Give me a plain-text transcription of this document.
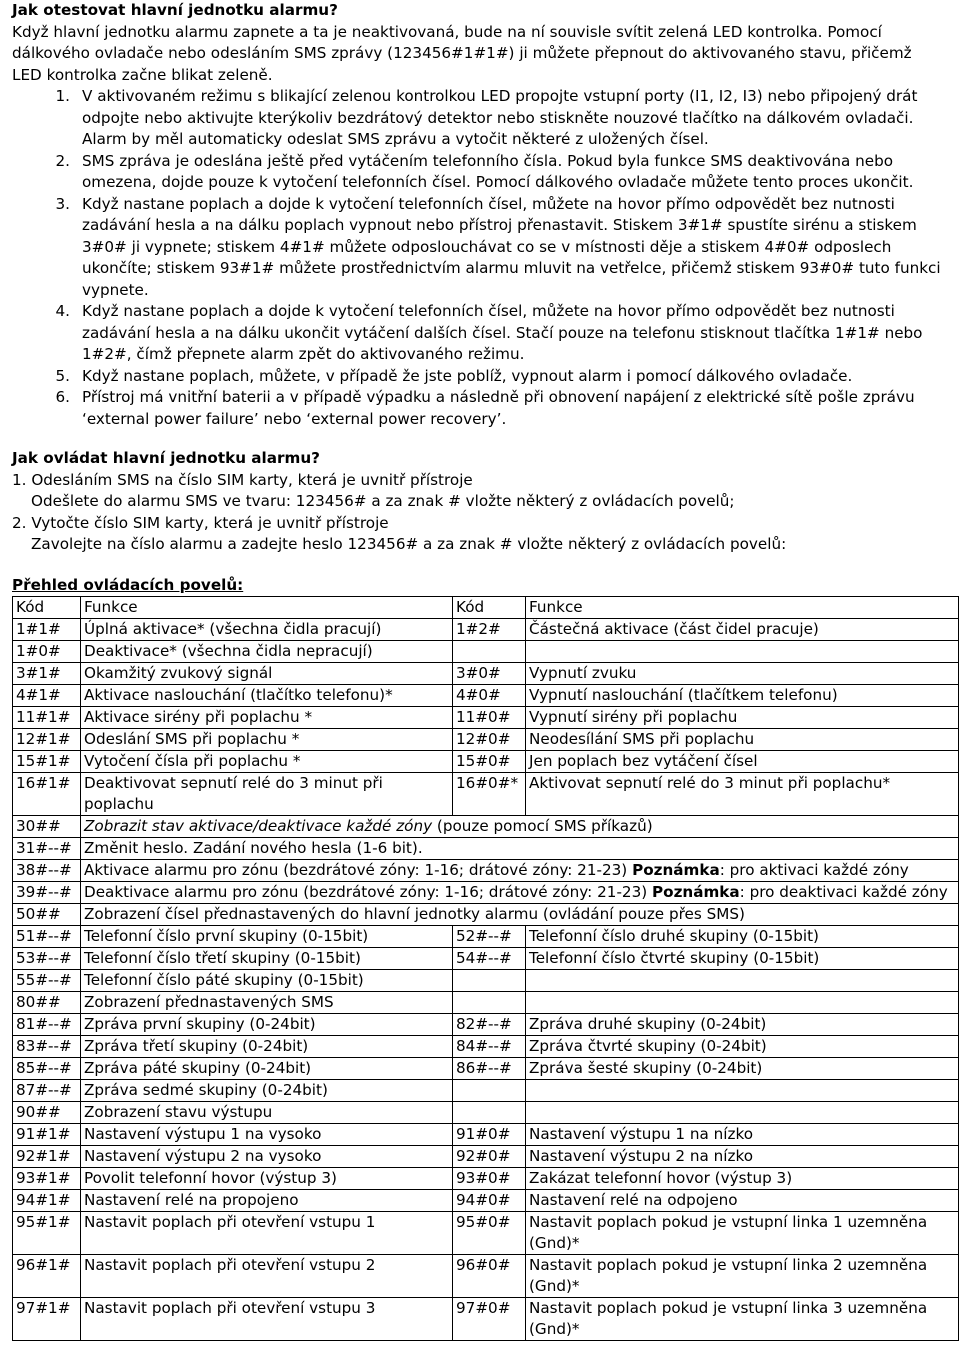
Jak otestovat hlavní jednotku alarmu?

Když hlavní jednotku alarmu zapnete a ta je neaktivovaná, bude na ní souvisle svítit zelená LED kontrolka. Pomocí dálkového ovladače nebo odesláním SMS zprávy (123456#1#1#) ji můžete přepnout do aktivovaného stavu, přičemž LED kontrolka začne blikat zeleně.

1. V aktivovaném režimu s blikající zelenou kontrolkou LED propojte vstupní porty (I1, I2, I3) nebo připojený drát odpojte nebo aktivujte kterýkoliv bezdrátový detektor nebo stiskněte nouzové tlačítko na dálkovém ovladači. Alarm by měl automaticky odeslat SMS zprávu a vytočit některé z uložených čísel.
2. SMS zpráva je odeslána ještě před vytáčením telefonního čísla. Pokud byla funkce SMS deaktivována nebo omezena, dojde pouze k vytočení telefonních čísel. Pomocí dálkového ovladače můžete tento proces ukončit.
3. Když nastane poplach a dojde k vytočení telefonních čísel, můžete na hovor přímo odpovědět bez nutnosti zadávání hesla a na dálku poplach vypnout nebo přístroj přenastavit. Stiskem 3#1# spustíte sirénu a stiskem 3#0# ji vypnete; stiskem 4#1# můžete odposlouchávat co se v místnosti děje a stiskem 4#0# odposlech ukončíte; stiskem 93#1# můžete prostřednictvím alarmu mluvit na vetřelce, přičemž stiskem 93#0# tuto funkci vypnete.
4. Když nastane poplach a dojde k vytočení telefonních čísel, můžete na hovor přímo odpovědět bez nutnosti zadávání hesla a na dálku ukončit vytáčení dalších čísel. Stačí pouze na telefonu stisknout tlačítka 1#1# nebo 1#2#, čímž přepnete alarm zpět do aktivovaného režimu.
5. Když nastane poplach, můžete, v případě že jste poblíž, vypnout alarm i pomocí dálkového ovladače.
6. Přístroj má vnitřní baterii a v případě výpadku a následně při obnovení napájení z elektrické sítě pošle zprávu ‘external power failure’ nebo ‘external power recovery’.

Jak ovládat hlavní jednotku alarmu?

1. Odesláním SMS na číslo SIM karty, která je uvnitř přístroje

Odešlete do alarmu SMS ve tvaru: 123456# a za znak # vložte některý z ovládacích povelů;

2. Vytočte číslo SIM karty, která je uvnitř přístroje

Zavolejte na číslo alarmu a zadejte heslo 123456# a za znak # vložte některý z ovládacích povelů:

Přehled ovládacích povelů:

Kód	Funkce	Kód	Funkce
1#1#	Úplná aktivace* (všechna čidla pracují)	1#2#	Částečná aktivace (část čidel pracuje)
1#0#	Deaktivace* (všechna čidla nepracují)		
3#1#	Okamžitý zvukový signál	3#0#	Vypnutí zvuku
4#1#	Aktivace naslouchání (tlačítko telefonu)*	4#0#	Vypnutí naslouchání (tlačítkem telefonu)
11#1#	Aktivace sirény při poplachu *	11#0#	Vypnutí sirény při poplachu
12#1#	Odeslání SMS při poplachu *	12#0#	Neodesílání SMS při poplachu
15#1#	Vytočení čísla při poplachu *	15#0#	Jen poplach bez vytáčení čísel
16#1#	Deaktivovat sepnutí relé do 3 minut při poplachu	16#0#*	Aktivovat sepnutí relé do 3 minut při poplachu*
30##	Zobrazit stav aktivace/deaktivace každé zóny (pouze pomocí SMS příkazů)		
31#--#	Změnit heslo. Zadání nového hesla (1-6 bit).		
38#--#	Aktivace alarmu pro zónu (bezdrátové zóny: 1-16; drátové zóny: 21-23) Poznámka: pro aktivaci každé zóny		
39#--#	Deaktivace alarmu pro zónu (bezdrátové zóny: 1-16; drátové zóny: 21-23) Poznámka: pro deaktivaci každé zóny		
50##	Zobrazení čísel přednastavených do hlavní jednotky alarmu (ovládání pouze přes SMS)		
51#--#	Telefonní číslo první skupiny (0-15bit)	52#--#	Telefonní číslo druhé skupiny (0-15bit)
53#--#	Telefonní číslo třetí skupiny (0-15bit)	54#--#	Telefonní číslo čtvrté skupiny (0-15bit)
55#--#	Telefonní číslo páté skupiny (0-15bit)		
80##	Zobrazení přednastavených SMS		
81#--#	Zpráva první skupiny (0-24bit)	82#--#	Zpráva druhé skupiny (0-24bit)
83#--#	Zpráva třetí skupiny (0-24bit)	84#--#	Zpráva čtvrté skupiny (0-24bit)
85#--#	Zpráva páté skupiny (0-24bit)	86#--#	Zpráva šesté skupiny (0-24bit)
87#--#	Zpráva sedmé skupiny (0-24bit)		
90##	Zobrazení stavu výstupu		
91#1#	Nastavení výstupu 1 na vysoko	91#0#	Nastavení výstupu 1 na nízko
92#1#	Nastavení výstupu 2 na vysoko	92#0#	Nastavení výstupu 2 na nízko
93#1#	Povolit telefonní hovor (výstup 3)	93#0#	Zakázat telefonní hovor (výstup 3)
94#1#	Nastavení relé na propojeno	94#0#	Nastavení relé na odpojeno
95#1#	Nastavit poplach při otevření vstupu 1	95#0#	Nastavit poplach pokud je vstupní linka 1 uzemněna (Gnd)*
96#1#	Nastavit poplach při otevření vstupu 2	96#0#	Nastavit poplach pokud je vstupní linka 2 uzemněna (Gnd)*
97#1#	Nastavit poplach při otevření vstupu 3	97#0#	Nastavit poplach pokud je vstupní linka 3 uzemněna (Gnd)*
